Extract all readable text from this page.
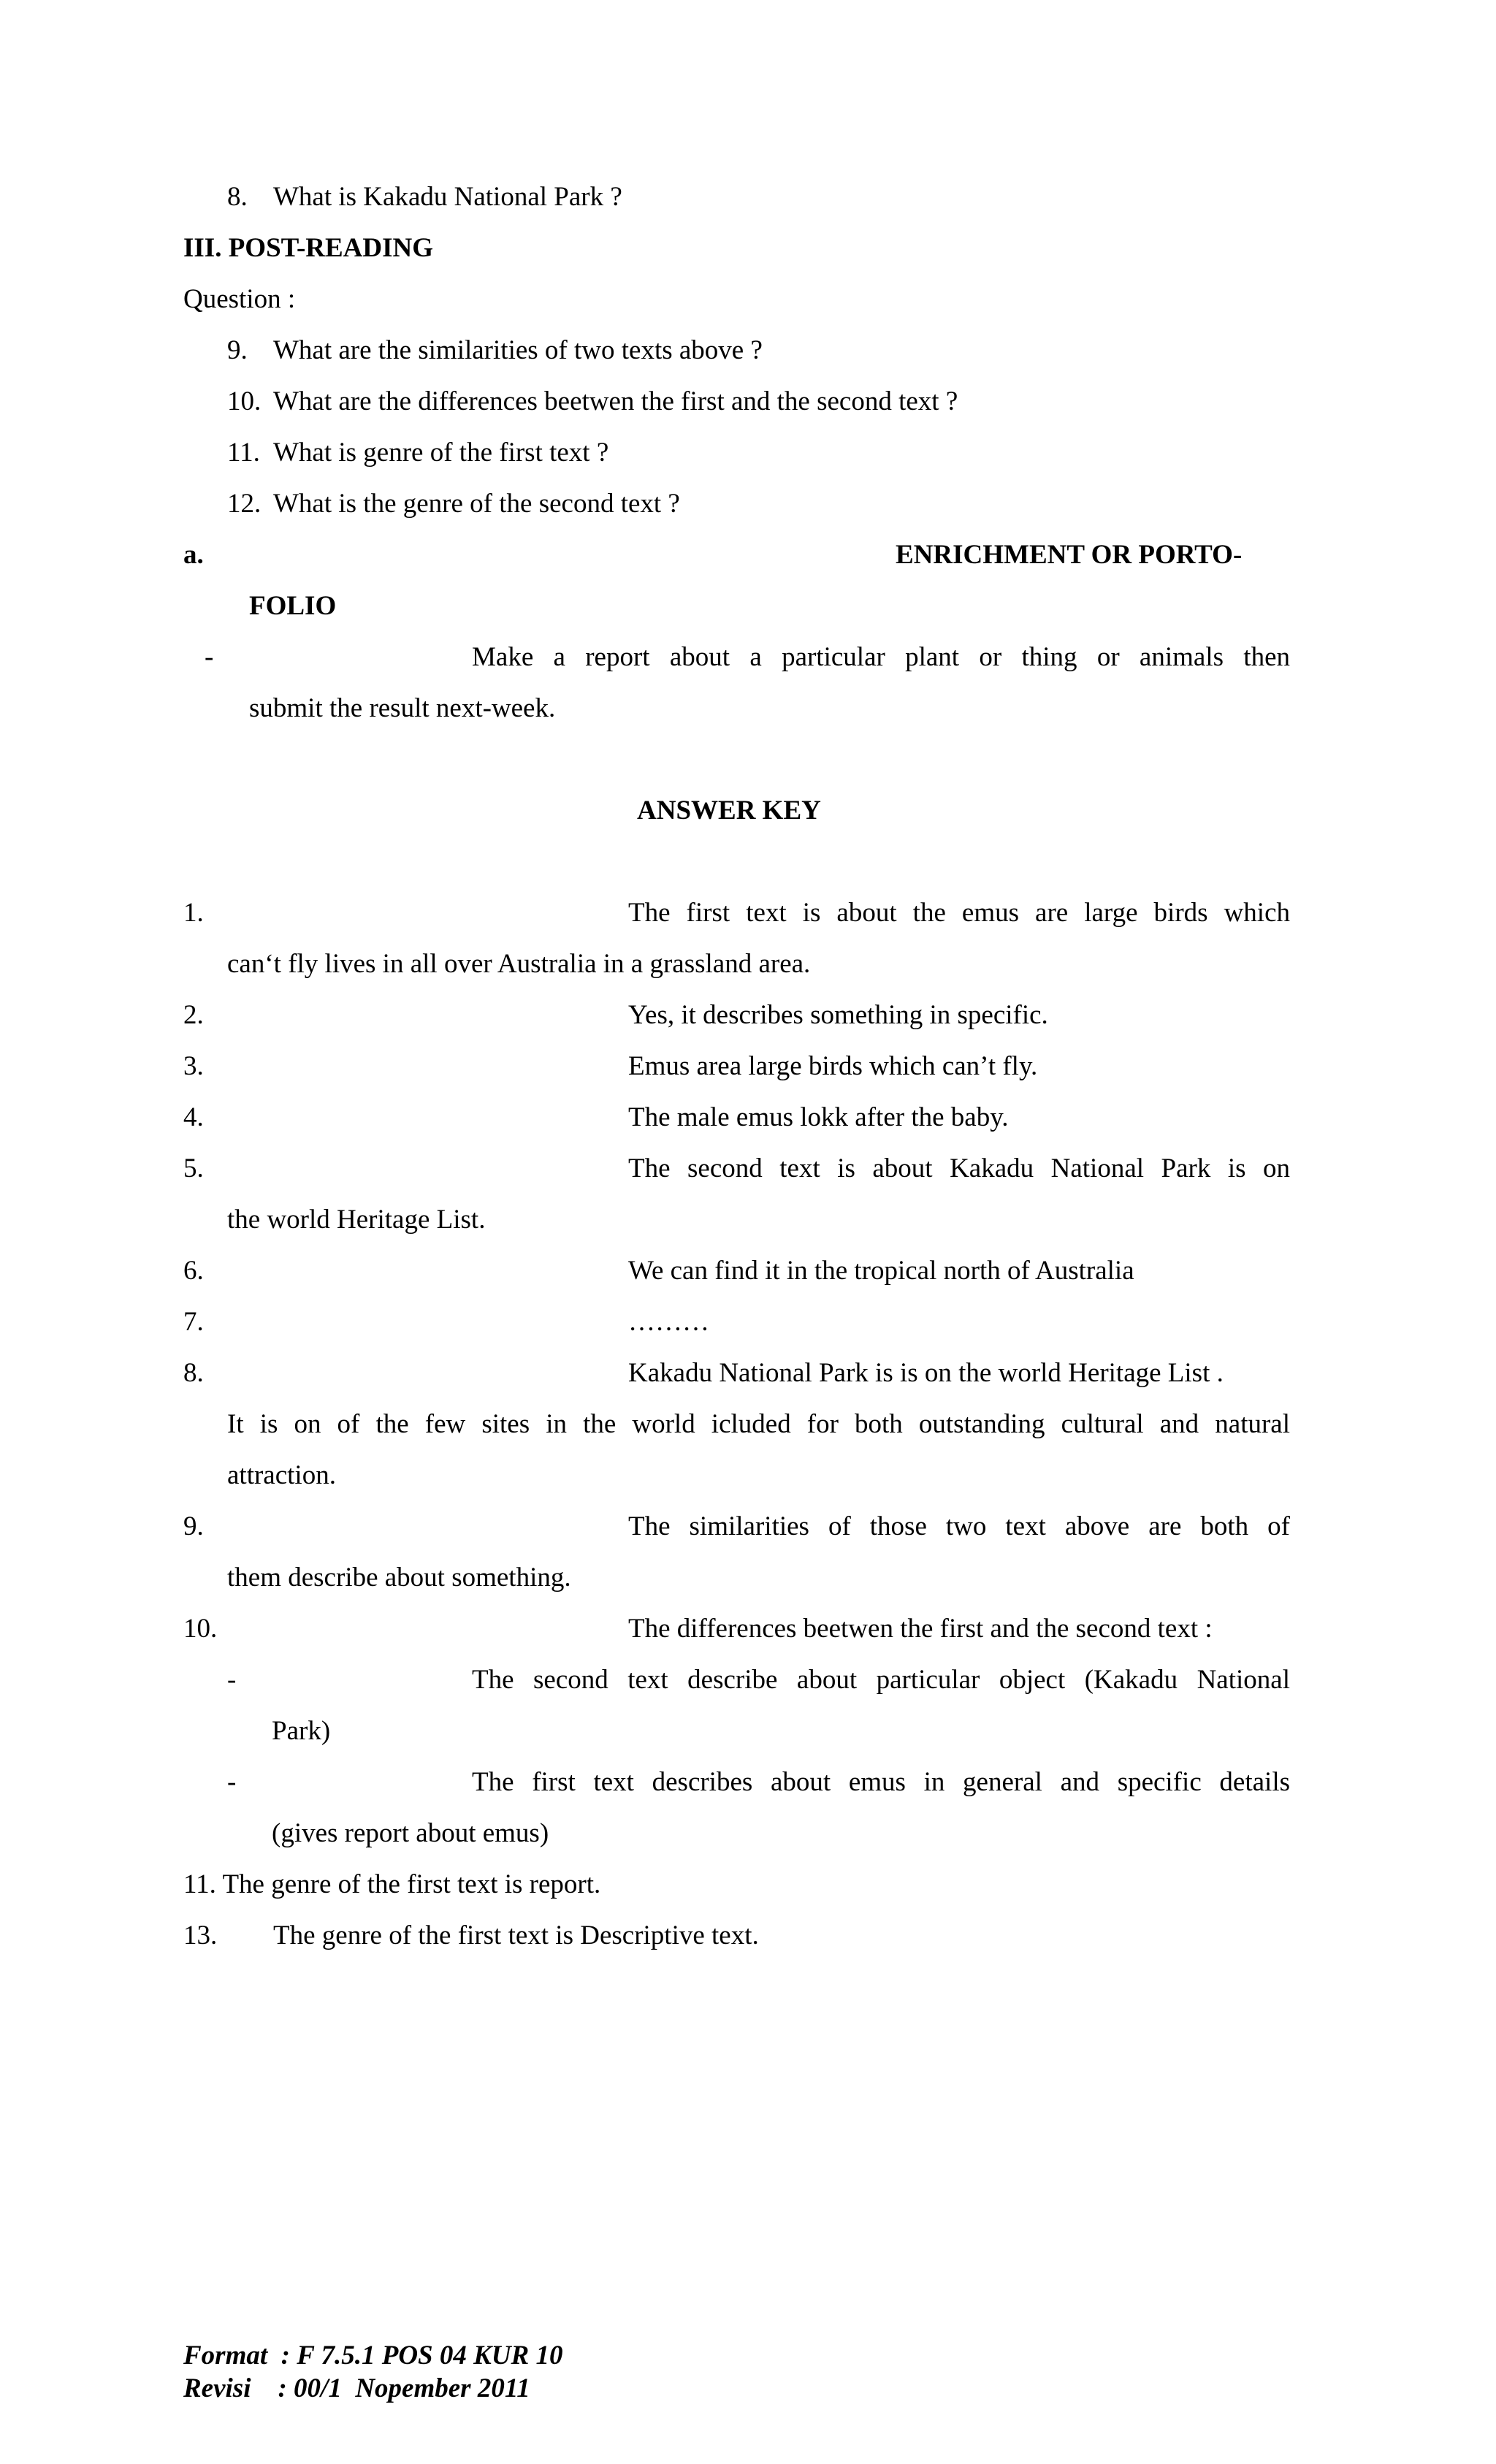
8. What is Kakadu National Park ?
III. POST-READING
Question :
9. What are the similarities of two texts above ?
10. What are the differences beetwen the first and the second text ?
11. What is genre of the first text ?
12. What is the genre of the second text ?
a.	ENRICHMENT OR PORTO-
FOLIO
-	Make a report about a particular plant or thing or animals then
submit the result next-week.
ANSWER KEY
1.	The first text is about the emus are large birds which
can‘t fly lives in all over Australia in a grassland area.
2.	Yes, it describes something in specific.
3.	Emus area large birds which can’t fly.
4.	The male emus lokk after the baby.
5.	The second text is about Kakadu National Park is on
the world Heritage List.
6.	We can find it in the tropical north of Australia
7.	………
8.	Kakadu National Park is is on the world Heritage List .
It is on of the few sites in the world icluded for both outstanding cultural and natural
attraction.
9.	The similarities of those two text above are both of
them describe about something.
10.	The differences beetwen the first and the second text :
-	The second text describe about particular object (Kakadu National
Park)
-	The first text describes about emus in general and specific details
(gives report about emus)
11. The genre of the first text is report.
13. The genre of the first text is Descriptive text.
Format  : F 7.5.1 POS 04 KUR 10
Revisi    : 00/1  Nopember 2011
